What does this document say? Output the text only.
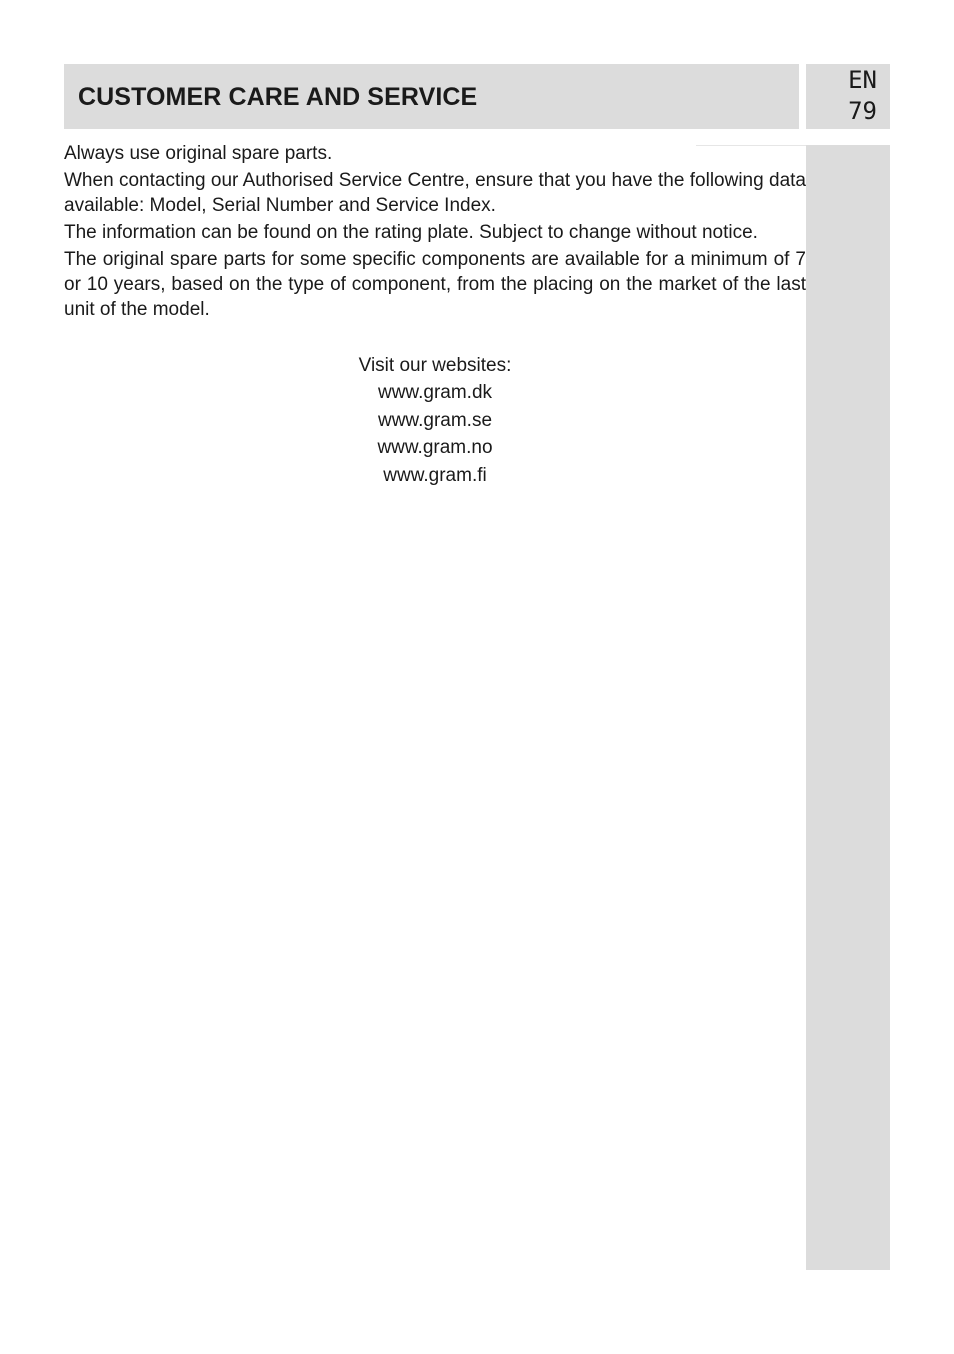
CUSTOMER CARE AND SERVICE
EN
79

Always use original spare parts.

When contacting our Authorised Service Centre, ensure that you have the following data available: Model, Serial Number and Service Index.

The information can be found on the rating plate. Subject to change without notice.

The original spare parts for some specific components are available for a minimum of 7 or 10 years, based on the type of component, from the placing on the market of the last unit of the model.

Visit our websites:

www.gram.dk

www.gram.se

www.gram.no

www.gram.fi
